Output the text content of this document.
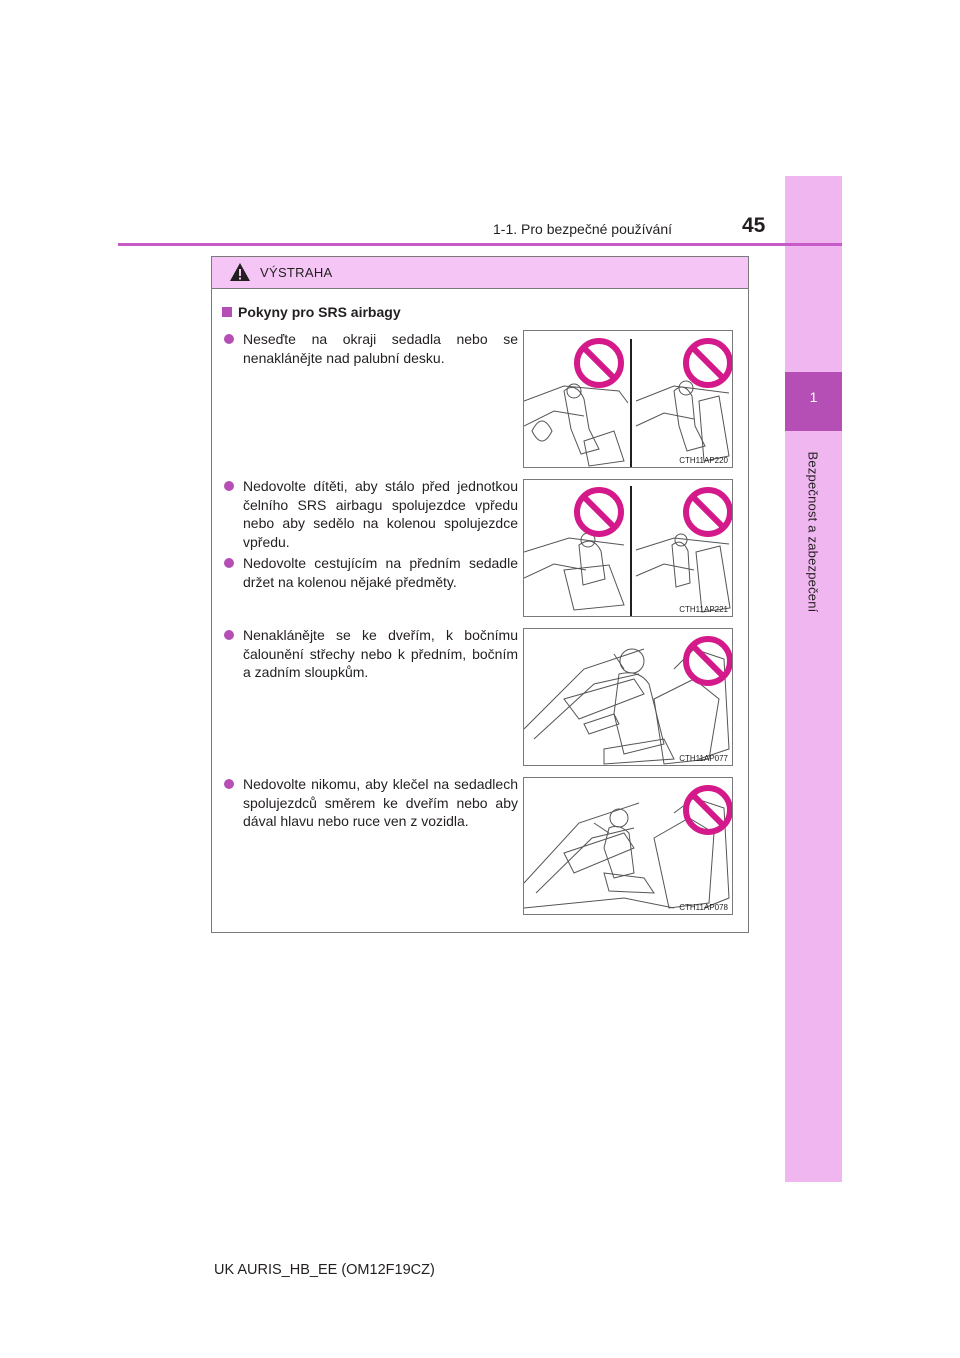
1
Bezpečnost a zabezpečení
1-1. Pro bezpečné používání	45
VÝSTRAHA
Pokyny pro SRS airbagy
Neseďte na okraji sedadla nebo se nenaklánějte nad palubní desku.
Nedovolte dítěti, aby stálo před jednotkou čelního SRS airbagu spolujezdce vpředu nebo aby sedělo na kolenou spolujezdce vpředu.
Nedovolte cestujícím na předním sedadle držet na kolenou nějaké předměty.
Nenaklánějte se ke dveřím, k bočnímu čalounění střechy nebo k předním, bočním a zadním sloupkům.
Nedovolte nikomu, aby klečel na sedadlech spolujezdců směrem ke dveřím nebo aby dával hlavu nebo ruce ven z vozidla.
CTH11AP220
CTH11AP221
CTH11AP077
CTH11AP078
UK AURIS_HB_EE (OM12F19CZ)
